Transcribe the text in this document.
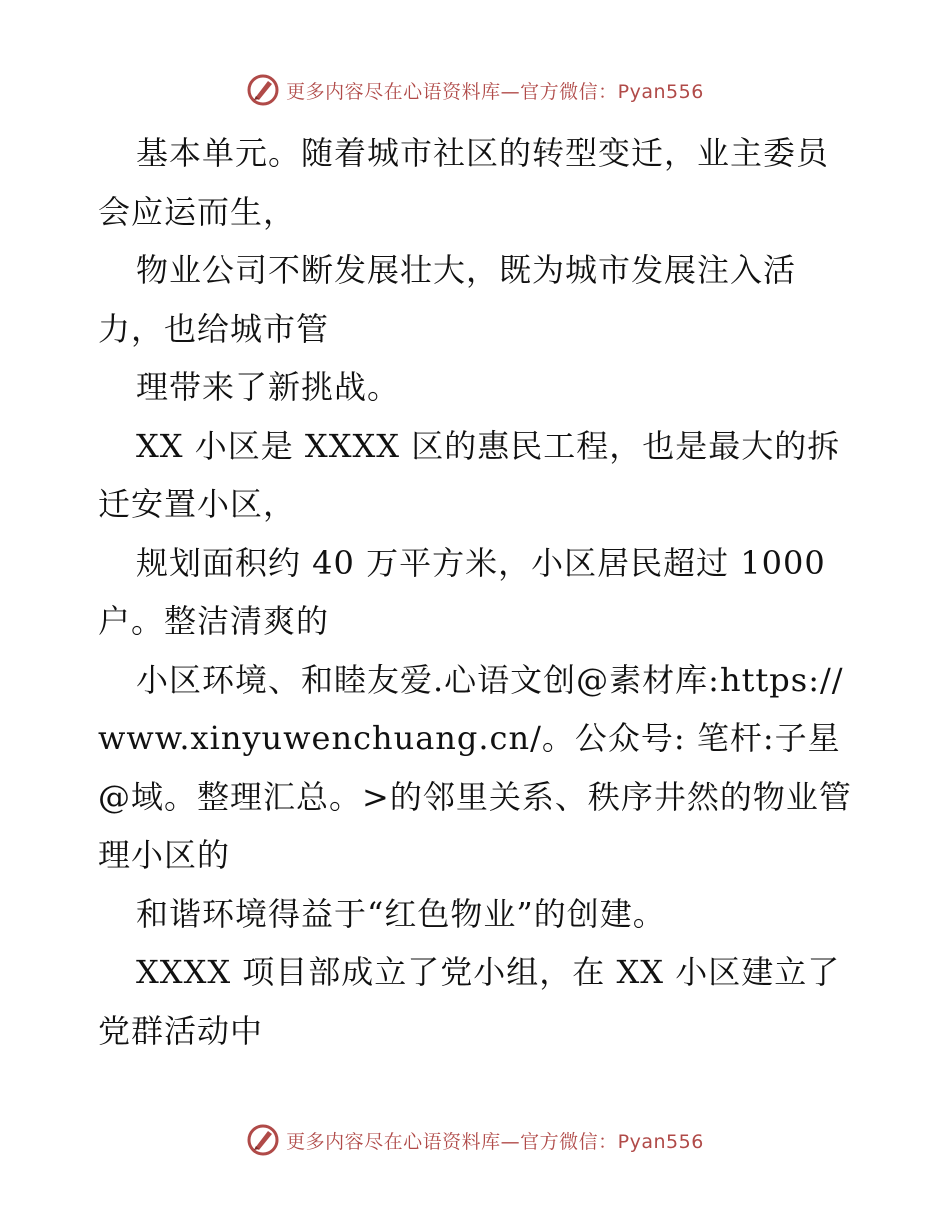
更多内容尽在心语资料库—官方微信：Pyan556

基本单元。随着城市社区的转型变迁，业主委员会应运而生，

物业公司不断发展壮大，既为城市发展注入活力，也给城市管

理带来了新挑战。

XX 小区是 XXXX 区的惠民工程，也是最大的拆迁安置小区，

规划面积约 40 万平方米，小区居民超过 1000户。整洁清爽的

小区环境、和睦友爱.心语文创@素材库:https://www.xinyuwenchuang.cn/。公众号: 笔杆:子星@域。整理汇总。>的邻里关系、秩序井然的物业管理小区的

和谐环境得益于“红色物业”的创建。

XXXX 项目部成立了党小组，在 XX 小区建立了党群活动中

更多内容尽在心语资料库—官方微信：Pyan556
